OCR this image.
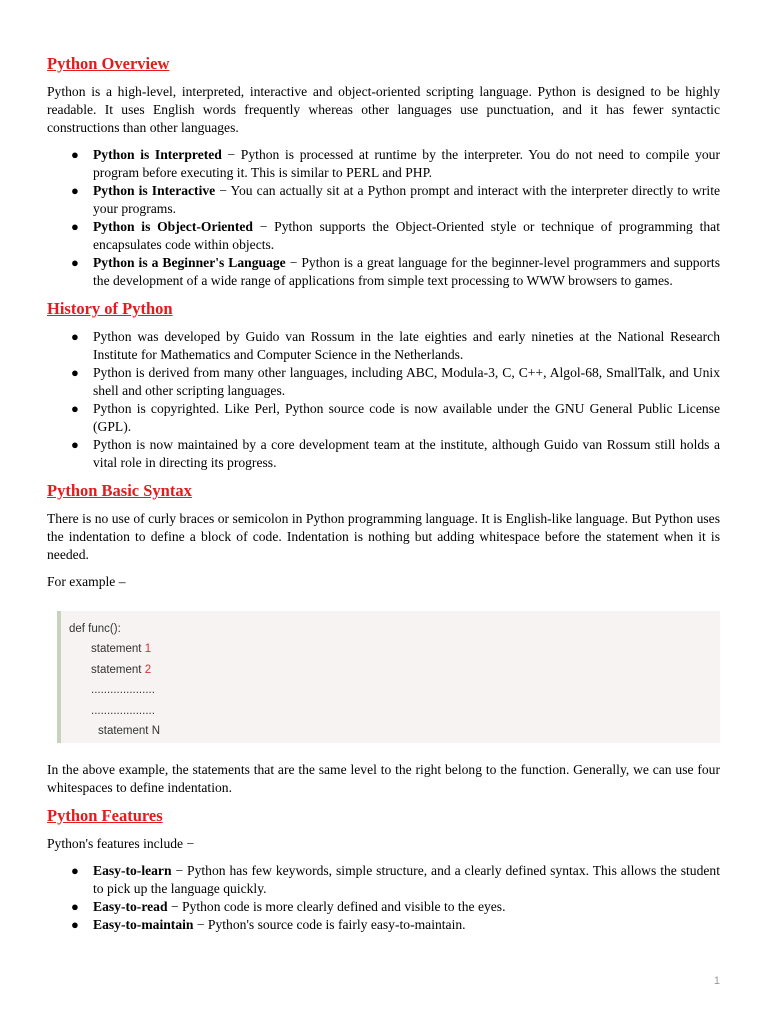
Python Overview

Python is a high-level, interpreted, interactive and object-oriented scripting language. Python is designed to be highly readable. It uses English words frequently whereas other languages use punctuation, and it has fewer syntactic constructions than other languages.

● Python is Interpreted − Python is processed at runtime by the interpreter. You do not need to compile your program before executing it. This is similar to PERL and PHP.
● Python is Interactive − You can actually sit at a Python prompt and interact with the interpreter directly to write your programs.
● Python is Object-Oriented − Python supports the Object-Oriented style or technique of programming that encapsulates code within objects.
● Python is a Beginner's Language − Python is a great language for the beginner-level programmers and supports the development of a wide range of applications from simple text processing to WWW browsers to games.
History of Python
● Python was developed by Guido van Rossum in the late eighties and early nineties at the National Research Institute for Mathematics and Computer Science in the Netherlands.
● Python is derived from many other languages, including ABC, Modula-3, C, C++, Algol-68, SmallTalk, and Unix shell and other scripting languages.
● Python is copyrighted. Like Perl, Python source code is now available under the GNU General Public License (GPL).
● Python is now maintained by a core development team at the institute, although Guido van Rossum still holds a vital role in directing its progress.
Python Basic Syntax

There is no use of curly braces or semicolon in Python programming language. It is English-like language. But Python uses the indentation to define a block of code. Indentation is nothing but adding whitespace before the statement when it is needed.

For example –

def func():
statement 1
statement 2
....................
....................
statement N

In the above example, the statements that are the same level to the right belong to the function. Generally, we can use four whitespaces to define indentation.

Python Features

Python's features include −

● Easy-to-learn − Python has few keywords, simple structure, and a clearly defined syntax. This allows the student to pick up the language quickly.
● Easy-to-read − Python code is more clearly defined and visible to the eyes.
● Easy-to-maintain − Python's source code is fairly easy-to-maintain.
1
